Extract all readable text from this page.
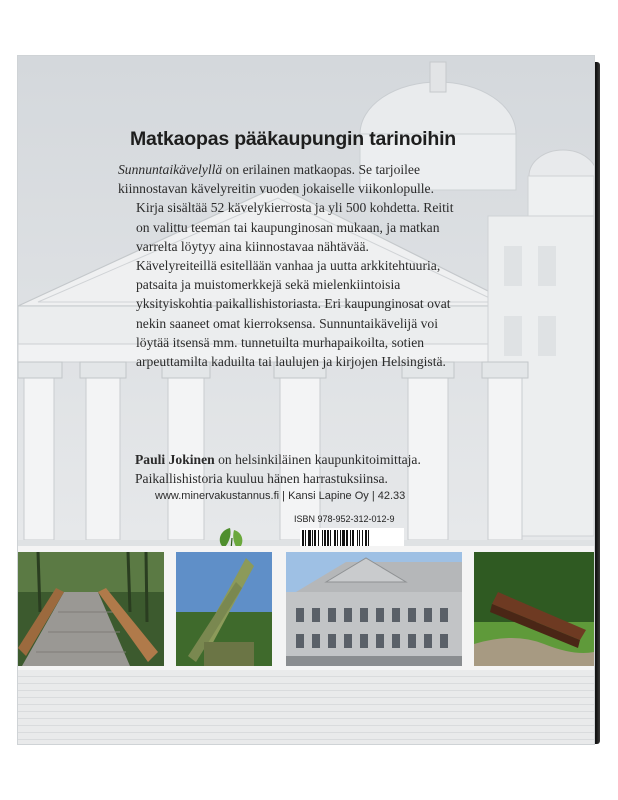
Matkaopas pääkaupungin tarinoihin
Sunnuntaikävelyllä on erilainen matkaopas. Se tarjoilee
kiinnostavan kävelyreitin vuoden jokaiselle viikonlopulle.
Kirja sisältää 52 kävelykierrosta ja yli 500 kohdetta. Reitit
on valittu teeman tai kaupunginosan mukaan, ja matkan
varrelta löytyy aina kiinnostavaa nähtävää.
Kävelyreiteillä esitellään vanhaa ja uutta arkkitehtuuria,
patsaita ja muistomerkkejä sekä mielenkiintoisia
yksityiskohtia paikallishistoriasta. Eri kaupunginosat ovat
nekin saaneet omat kierroksensa. Sunnuntaikävelijä voi
löytää itsensä mm. tunnetuilta murhapaikoilta, sotien
arpeuttamilta kaduilta tai laulujen ja kirjojen Helsingistä.
Pauli Jokinen on helsinkiläinen kaupunkitoimittaja.
Paikallishistoria kuuluu hänen harrastuksiinsa.
www.minervakustannus.fi | Kansi Lapine Oy | 42.33
ISBN 978-952-312-012-9
